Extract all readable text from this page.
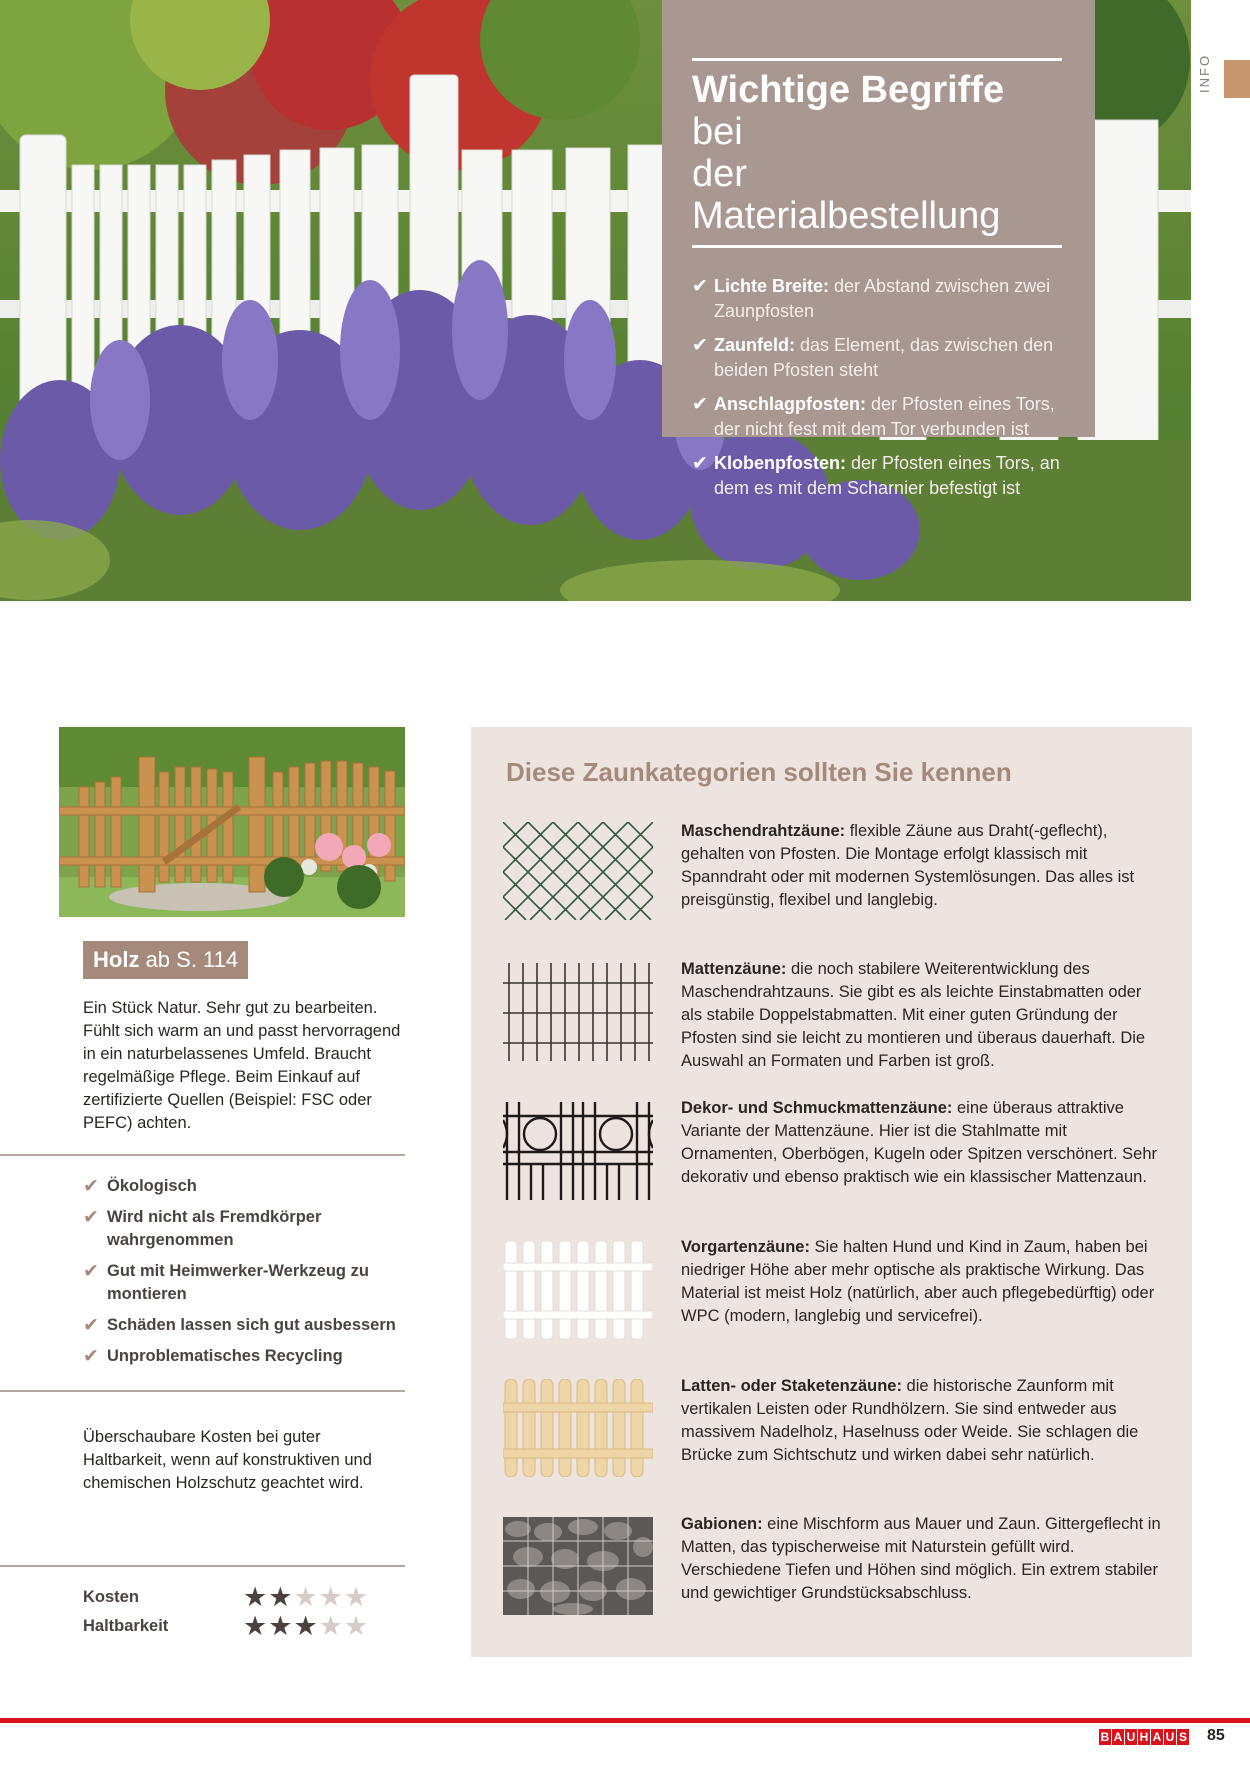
Wichtige Begriffe bei
der Materialbestellung
✔ Lichte Breite: der Abstand zwischen zwei Zaunpfosten
✔ Zaunfeld: das Element, das zwischen den beiden Pfosten steht
✔ Anschlagpfosten: der Pfosten eines Tors, der nicht fest mit dem Tor verbunden ist
✔ Klobenpfosten: der Pfosten eines Tors, an dem es mit dem Scharnier befestigt ist
INFO
Holz ab S. 114

Ein Stück Natur. Sehr gut zu bearbeiten. Fühlt sich warm an und passt hervorragend in ein naturbelassenes Umfeld. Braucht regelmäßige Pflege. Beim Einkauf auf zertifizierte Quellen (Beispiel: FSC oder PEFC) achten.

✔ Ökologisch
✔ Wird nicht als Fremdkörper wahrgenommen
✔ Gut mit Heimwerker-Werkzeug zu montieren
✔ Schäden lassen sich gut ausbessern
✔ Unproblematisches Recycling

Überschaubare Kosten bei guter Haltbarkeit, wenn auf konstruktiven und chemischen Holzschutz geachtet wird.

Kosten	★★★★★
Haltbarkeit	★★★★★
Diese Zaunkategorien sollten Sie kennen

Maschendrahtzäune: flexible Zäune aus Draht(-geflecht), gehalten von Pfosten. Die Montage erfolgt klassisch mit Spanndraht oder mit modernen Systemlösungen. Das alles ist preisgünstig, flexibel und langlebig.

Mattenzäune: die noch stabilere Weiterentwicklung des Maschendrahtzauns. Sie gibt es als leichte Einstabmatten oder als stabile Doppelstabmatten. Mit einer guten Gründung der Pfosten sind sie leicht zu montieren und überaus dauerhaft. Die Auswahl an Formaten und Farben ist groß.

Dekor- und Schmuckmattenzäune: eine überaus attraktive Variante der Mattenzäune. Hier ist die Stahlmatte mit Ornamenten, Oberbögen, Kugeln oder Spitzen verschönert. Sehr dekorativ und ebenso praktisch wie ein klassischer Mattenzaun.

Vorgartenzäune: Sie halten Hund und Kind in Zaum, haben bei niedriger Höhe aber mehr optische als praktische Wirkung. Das Material ist meist Holz (natürlich, aber auch pflegebedürftig) oder WPC (modern, langlebig und servicefrei).

Latten- oder Staketenzäune: die historische Zaunform mit vertikalen Leisten oder Rundhölzern. Sie sind entweder aus massivem Nadelholz, Haselnuss oder Weide. Sie schlagen die Brücke zum Sichtschutz und wirken dabei sehr natürlich.

Gabionen: eine Mischform aus Mauer und Zaun. Gittergeflecht in Matten, das typischerweise mit Naturstein gefüllt wird. Verschiedene Tiefen und Höhen sind möglich. Ein extrem stabiler und gewichtiger Grundstücksabschluss.

B A U H A U S 85
